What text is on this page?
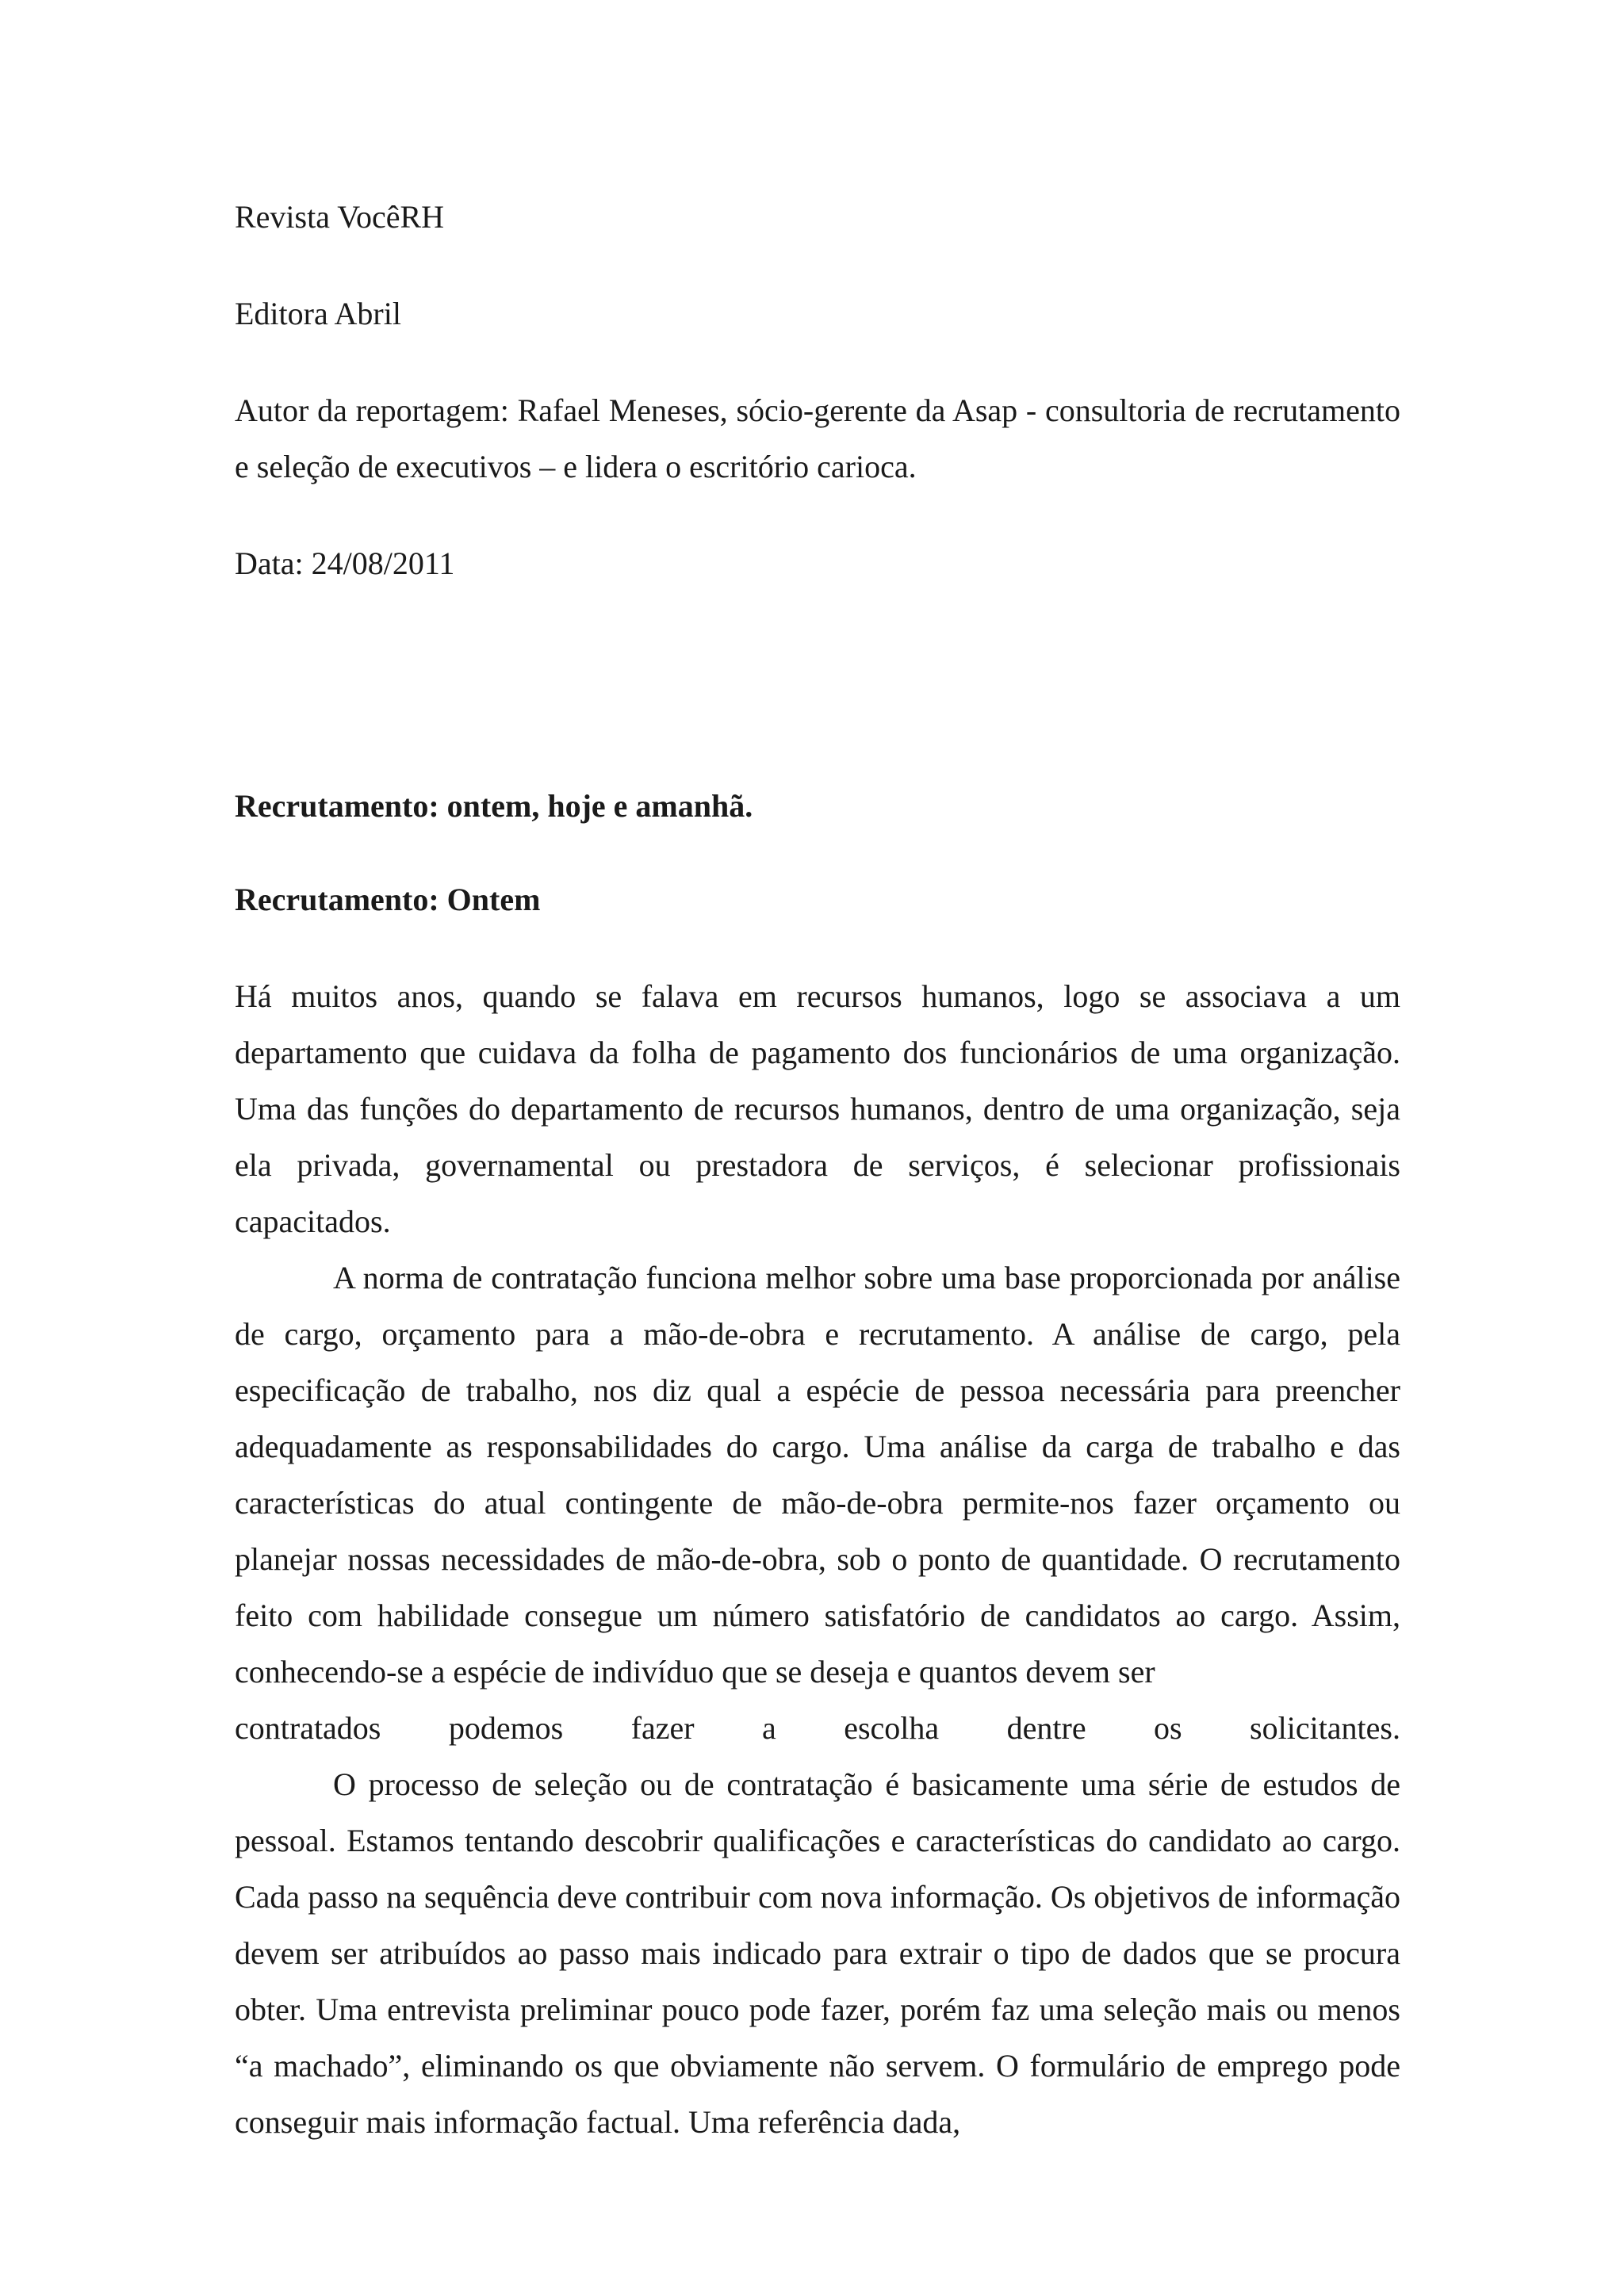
Revista VocêRH

Editora Abril

Autor da reportagem: Rafael Meneses, sócio-gerente da Asap - consultoria de recrutamento e seleção de executivos – e lidera o escritório carioca.

Data: 24/08/2011

Recrutamento: ontem, hoje e amanhã.

Recrutamento: Ontem

Há muitos anos, quando se falava em recursos humanos, logo se associava a um departamento que cuidava da folha de pagamento dos funcionários de uma organização. Uma das funções do departamento de recursos humanos, dentro de uma organização, seja ela privada, governamental ou prestadora de serviços, é selecionar profissionais capacitados.

A norma de contratação funciona melhor sobre uma base proporcionada por análise de cargo, orçamento para a mão-de-obra e recrutamento. A análise de cargo, pela especificação de trabalho, nos diz qual a espécie de pessoa necessária para preencher adequadamente as responsabilidades do cargo. Uma análise da carga de trabalho e das características do atual contingente de mão-de-obra permite-nos fazer orçamento ou planejar nossas necessidades de mão-de-obra, sob o ponto de quantidade. O recrutamento feito com habilidade consegue um número satisfatório de candidatos ao cargo. Assim, conhecendo-se a espécie de indivíduo que se deseja e quantos devem ser

contratados podemos fazer a escolha dentre os solicitantes.

O processo de seleção ou de contratação é basicamente uma série de estudos de pessoal. Estamos tentando descobrir qualificações e características do candidato ao cargo. Cada passo na sequência deve contribuir com nova informação. Os objetivos de informação devem ser atribuídos ao passo mais indicado para extrair o tipo de dados que se procura obter. Uma entrevista preliminar pouco pode fazer, porém faz uma seleção mais ou menos “a machado”, eliminando os que obviamente não servem. O formulário de emprego pode conseguir mais informação factual. Uma referência dada,
